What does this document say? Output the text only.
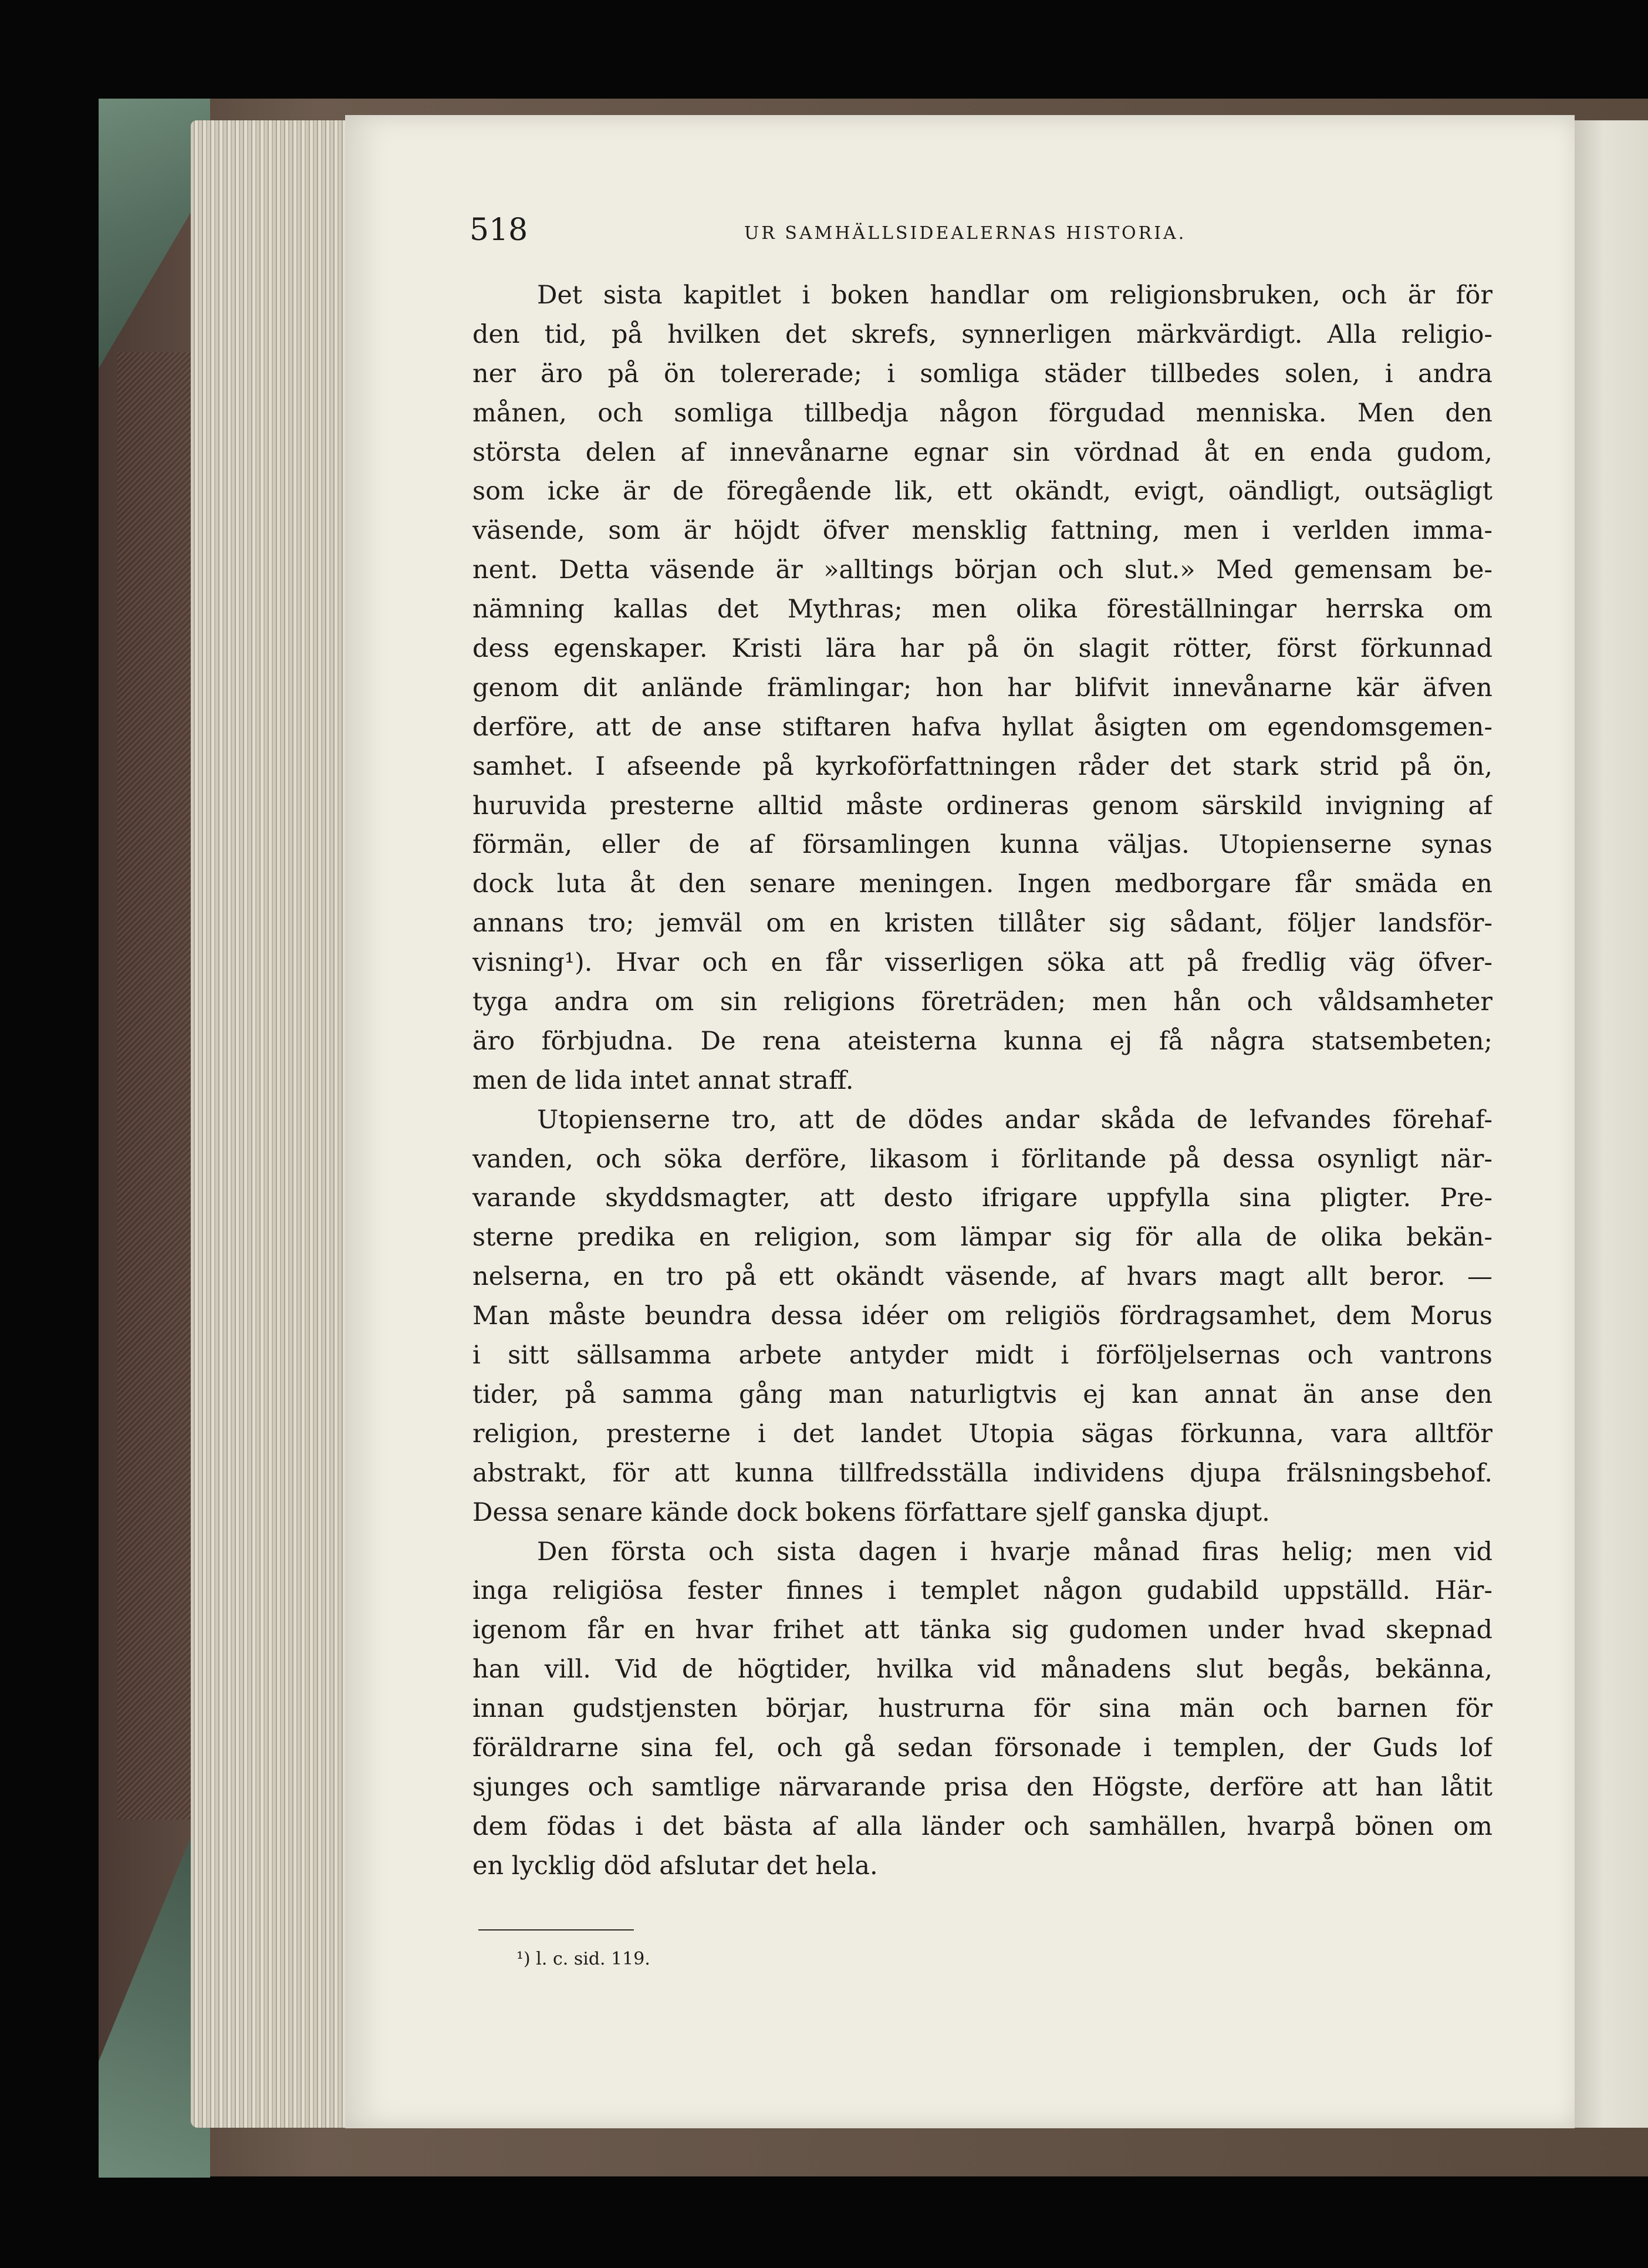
518	UR SAMHÄLLSIDEALERNAS HISTORIA.
Det sista kapitlet i boken handlar om religionsbruken, och är för
den tid, på hvilken det skrefs, synnerligen märkvärdigt. Alla religio-
ner äro på ön tolererade; i somliga städer tillbedes solen, i andra
månen, och somliga tillbedja någon förgudad menniska. Men den
största delen af innevånarne egnar sin vördnad åt en enda gudom,
som icke är de föregående lik, ett okändt, evigt, oändligt, outsägligt
väsende, som är höjdt öfver mensklig fattning, men i verlden imma-
nent. Detta väsende är »alltings början och slut.» Med gemensam be-
nämning kallas det Mythras; men olika föreställningar herrska om
dess egenskaper. Kristi lära har på ön slagit rötter, först förkunnad
genom dit anlände främlingar; hon har blifvit innevånarne kär äfven
derföre, att de anse stiftaren hafva hyllat åsigten om egendomsgemen-
samhet. I afseende på kyrkoförfattningen råder det stark strid på ön,
huruvida presterne alltid måste ordineras genom särskild invigning af
förmän, eller de af församlingen kunna väljas. Utopienserne synas
dock luta åt den senare meningen. Ingen medborgare får smäda en
annans tro; jemväl om en kristen tillåter sig sådant, följer landsför-
visning¹). Hvar och en får visserligen söka att på fredlig väg öfver-
tyga andra om sin religions företräden; men hån och våldsamheter
äro förbjudna. De rena ateisterna kunna ej få några statsembeten;
men de lida intet annat straff.
Utopienserne tro, att de dödes andar skåda de lefvandes förehaf-
vanden, och söka derföre, likasom i förlitande på dessa osynligt när-
varande skyddsmagter, att desto ifrigare uppfylla sina pligter. Pre-
sterne predika en religion, som lämpar sig för alla de olika bekän-
nelserna, en tro på ett okändt väsende, af hvars magt allt beror. —
Man måste beundra dessa idéer om religiös fördragsamhet, dem Morus
i sitt sällsamma arbete antyder midt i förföljelsernas och vantrons
tider, på samma gång man naturligtvis ej kan annat än anse den
religion, presterne i det landet Utopia sägas förkunna, vara alltför
abstrakt, för att kunna tillfredsställa individens djupa frälsningsbehof.
Dessa senare kände dock bokens författare sjelf ganska djupt.
Den första och sista dagen i hvarje månad firas helig; men vid
inga religiösa fester finnes i templet någon gudabild uppställd. Här-
igenom får en hvar frihet att tänka sig gudomen under hvad skepnad
han vill. Vid de högtider, hvilka vid månadens slut begås, bekänna,
innan gudstjensten börjar, hustrurna för sina män och barnen för
föräldrarne sina fel, och gå sedan försonade i templen, der Guds lof
sjunges och samtlige närvarande prisa den Högste, derföre att han låtit
dem födas i det bästa af alla länder och samhällen, hvarpå bönen om
en lycklig död afslutar det hela.
¹) l. c. sid. 119.
